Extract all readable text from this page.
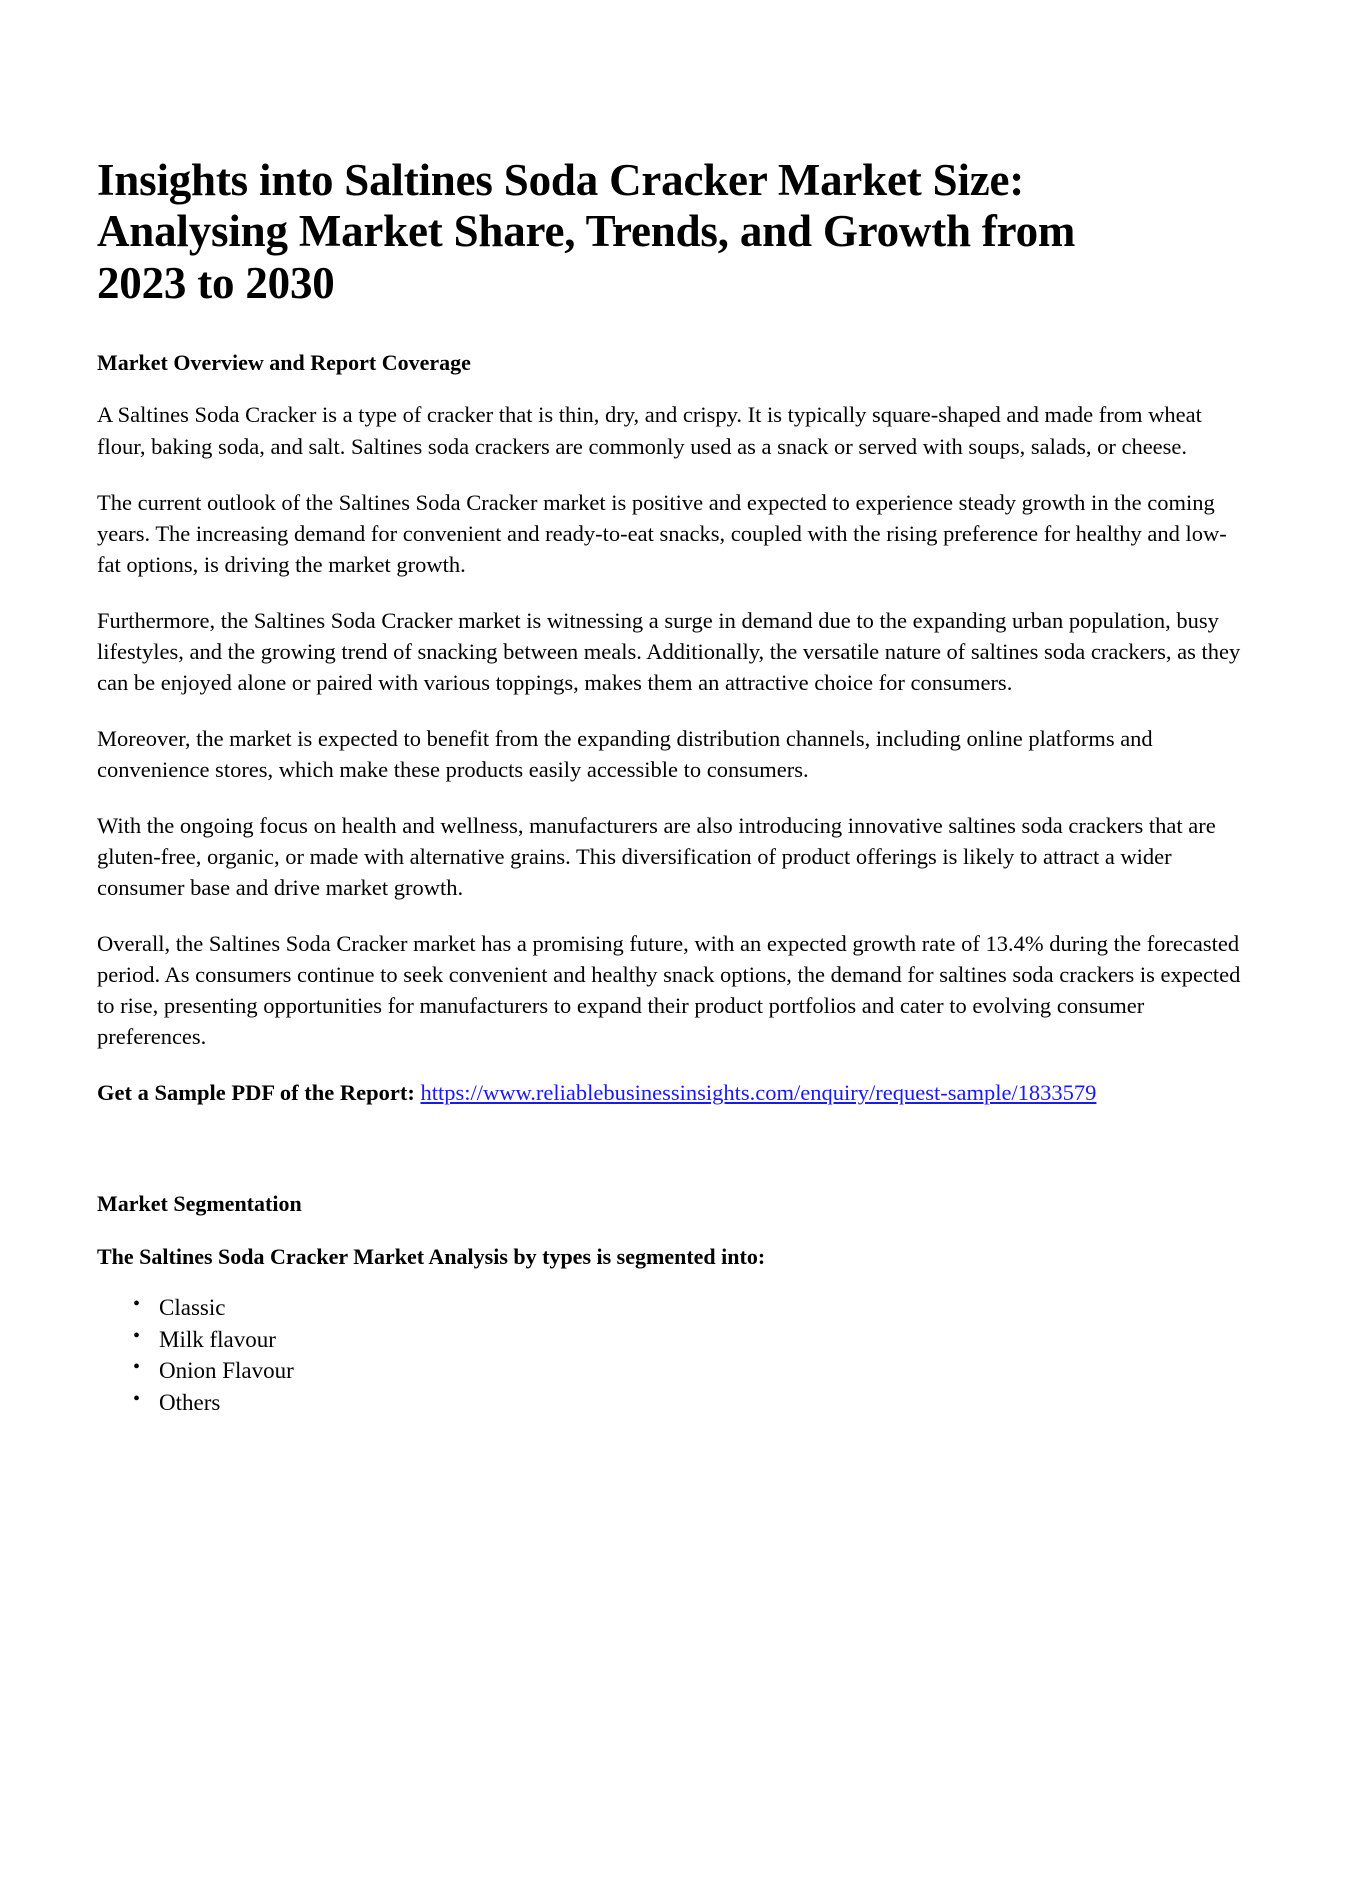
Insights into Saltines Soda Cracker Market Size: Analysing Market Share, Trends, and Growth from 2023 to 2030
Market Overview and Report Coverage

A Saltines Soda Cracker is a type of cracker that is thin, dry, and crispy. It is typically square-shaped and made from wheat flour, baking soda, and salt. Saltines soda crackers are commonly used as a snack or served with soups, salads, or cheese.

The current outlook of the Saltines Soda Cracker market is positive and expected to experience steady growth in the coming years. The increasing demand for convenient and ready-to-eat snacks, coupled with the rising preference for healthy and low-fat options, is driving the market growth.

Furthermore, the Saltines Soda Cracker market is witnessing a surge in demand due to the expanding urban population, busy lifestyles, and the growing trend of snacking between meals. Additionally, the versatile nature of saltines soda crackers, as they can be enjoyed alone or paired with various toppings, makes them an attractive choice for consumers.

Moreover, the market is expected to benefit from the expanding distribution channels, including online platforms and convenience stores, which make these products easily accessible to consumers.

With the ongoing focus on health and wellness, manufacturers are also introducing innovative saltines soda crackers that are gluten-free, organic, or made with alternative grains. This diversification of product offerings is likely to attract a wider consumer base and drive market growth.

Overall, the Saltines Soda Cracker market has a promising future, with an expected growth rate of 13.4% during the forecasted period. As consumers continue to seek convenient and healthy snack options, the demand for saltines soda crackers is expected to rise, presenting opportunities for manufacturers to expand their product portfolios and cater to evolving consumer preferences.

Get a Sample PDF of the Report: https://www.reliablebusinessinsights.com/enquiry/request-sample/1833579

Market Segmentation
The Saltines Soda Cracker Market Analysis by types is segmented into:
• Classic
• Milk flavour
• Onion Flavour
• Others
